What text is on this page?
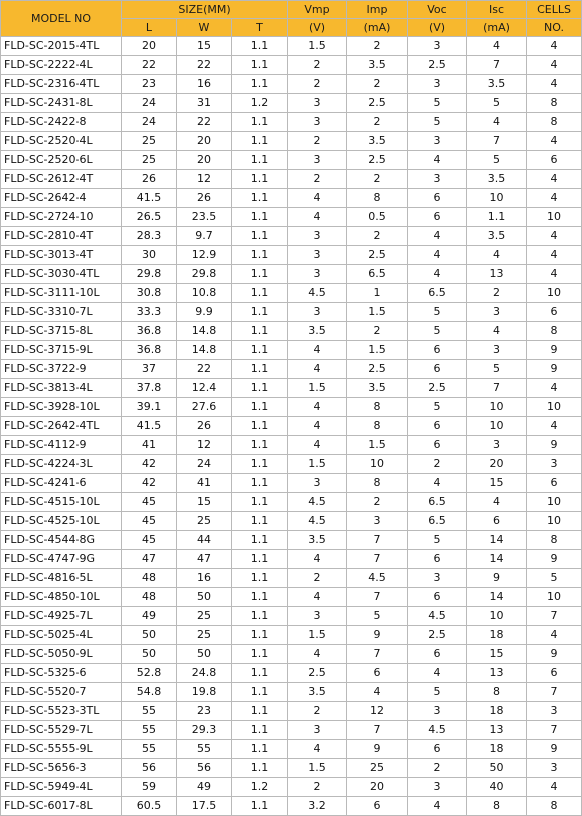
MODEL NO	SIZE(MM)			Vmp	Imp	Voc	Isc	CELLS
	L	W	T	(V)	(mA)	(V)	(mA)	NO.
FLD-SC-2015-4TL	20	15	1.1	1.5	2	3	4	4
FLD-SC-2222-4L	22	22	1.1	2	3.5	2.5	7	4
FLD-SC-2316-4TL	23	16	1.1	2	2	3	3.5	4
FLD-SC-2431-8L	24	31	1.2	3	2.5	5	5	8
FLD-SC-2422-8	24	22	1.1	3	2	5	4	8
FLD-SC-2520-4L	25	20	1.1	2	3.5	3	7	4
FLD-SC-2520-6L	25	20	1.1	3	2.5	4	5	6
FLD-SC-2612-4T	26	12	1.1	2	2	3	3.5	4
FLD-SC-2642-4	41.5	26	1.1	4	8	6	10	4
FLD-SC-2724-10	26.5	23.5	1.1	4	0.5	6	1.1	10
FLD-SC-2810-4T	28.3	9.7	1.1	3	2	4	3.5	4
FLD-SC-3013-4T	30	12.9	1.1	3	2.5	4	4	4
FLD-SC-3030-4TL	29.8	29.8	1.1	3	6.5	4	13	4
FLD-SC-3111-10L	30.8	10.8	1.1	4.5	1	6.5	2	10
FLD-SC-3310-7L	33.3	9.9	1.1	3	1.5	5	3	6
FLD-SC-3715-8L	36.8	14.8	1.1	3.5	2	5	4	8
FLD-SC-3715-9L	36.8	14.8	1.1	4	1.5	6	3	9
FLD-SC-3722-9	37	22	1.1	4	2.5	6	5	9
FLD-SC-3813-4L	37.8	12.4	1.1	1.5	3.5	2.5	7	4
FLD-SC-3928-10L	39.1	27.6	1.1	4	8	5	10	10
FLD-SC-2642-4TL	41.5	26	1.1	4	8	6	10	4
FLD-SC-4112-9	41	12	1.1	4	1.5	6	3	9
FLD-SC-4224-3L	42	24	1.1	1.5	10	2	20	3
FLD-SC-4241-6	42	41	1.1	3	8	4	15	6
FLD-SC-4515-10L	45	15	1.1	4.5	2	6.5	4	10
FLD-SC-4525-10L	45	25	1.1	4.5	3	6.5	6	10
FLD-SC-4544-8G	45	44	1.1	3.5	7	5	14	8
FLD-SC-4747-9G	47	47	1.1	4	7	6	14	9
FLD-SC-4816-5L	48	16	1.1	2	4.5	3	9	5
FLD-SC-4850-10L	48	50	1.1	4	7	6	14	10
FLD-SC-4925-7L	49	25	1.1	3	5	4.5	10	7
FLD-SC-5025-4L	50	25	1.1	1.5	9	2.5	18	4
FLD-SC-5050-9L	50	50	1.1	4	7	6	15	9
FLD-SC-5325-6	52.8	24.8	1.1	2.5	6	4	13	6
FLD-SC-5520-7	54.8	19.8	1.1	3.5	4	5	8	7
FLD-SC-5523-3TL	55	23	1.1	2	12	3	18	3
FLD-SC-5529-7L	55	29.3	1.1	3	7	4.5	13	7
FLD-SC-5555-9L	55	55	1.1	4	9	6	18	9
FLD-SC-5656-3	56	56	1.1	1.5	25	2	50	3
FLD-SC-5949-4L	59	49	1.2	2	20	3	40	4
FLD-SC-6017-8L	60.5	17.5	1.1	3.2	6	4	8	8
